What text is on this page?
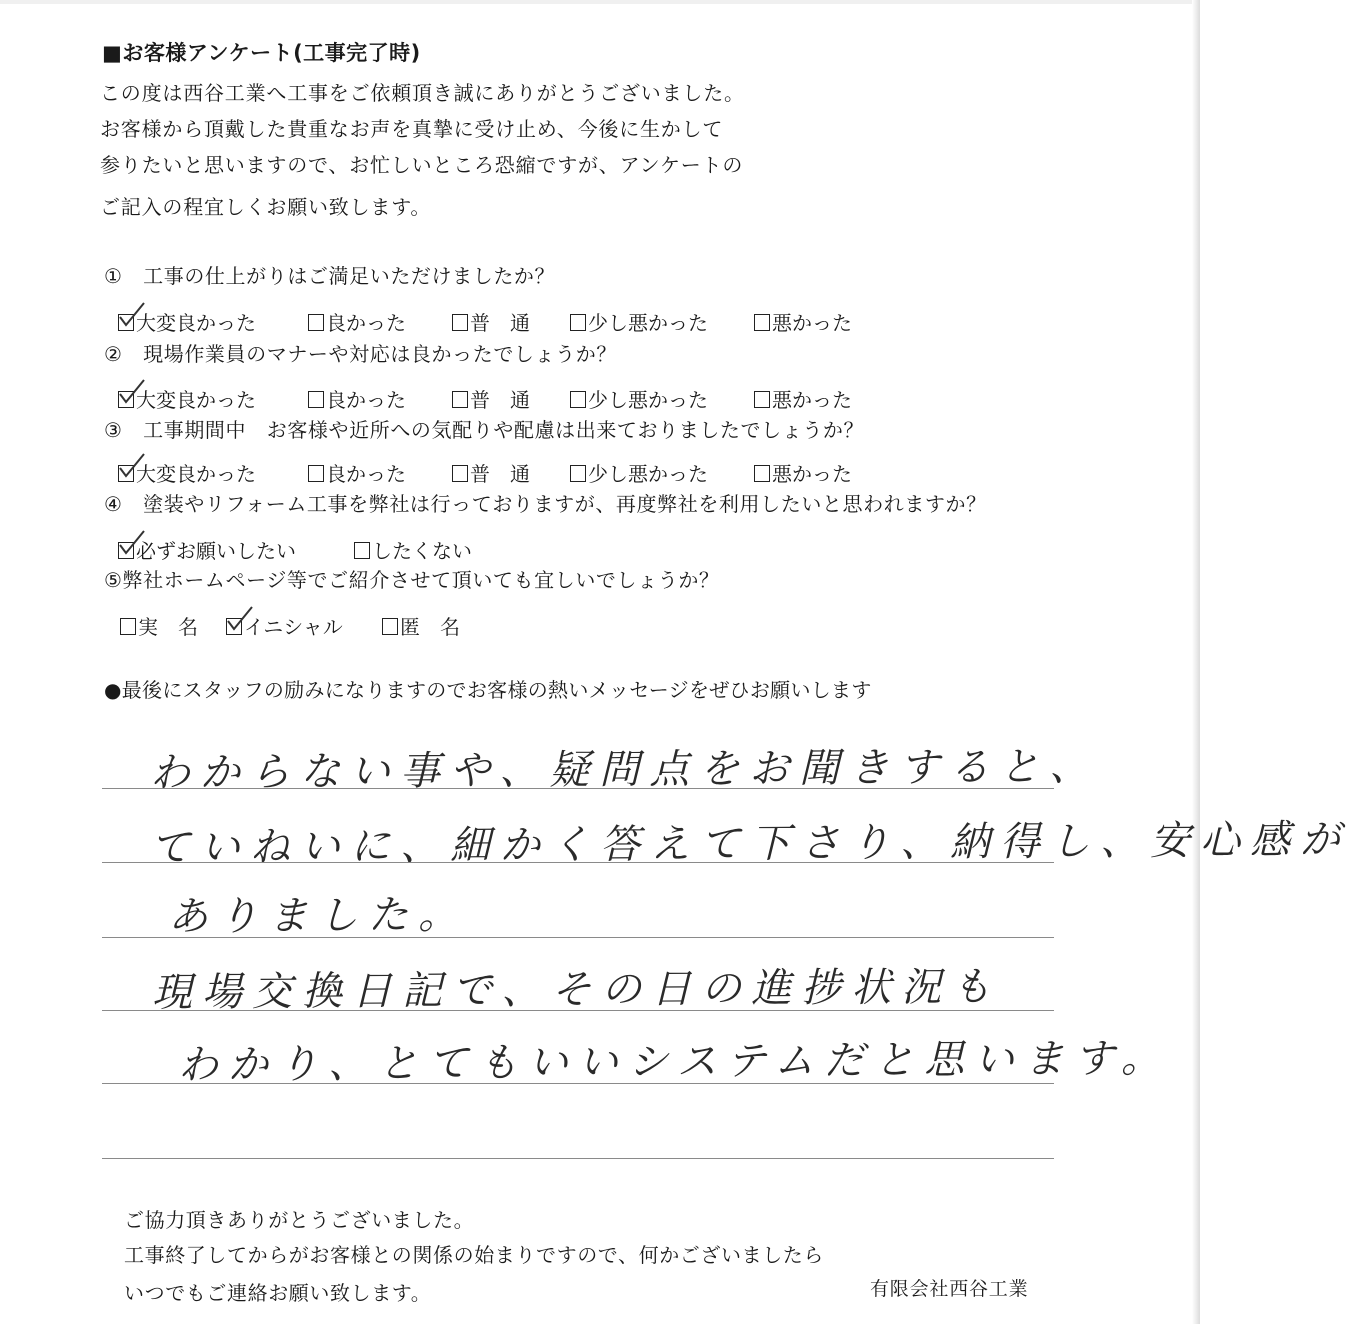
■お客様アンケート(工事完了時)
この度は西谷工業へ工事をご依頼頂き誠にありがとうございました。
お客様から頂戴した貴重なお声を真摯に受け止め、今後に生かして
参りたいと思いますので、お忙しいところ恐縮ですが、アンケートの
ご記入の程宜しくお願い致します。
①　工事の仕上がりはご満足いただけましたか？
大変良かった	良かった	普　通	少し悪かった	悪かった
②　現場作業員のマナーや対応は良かったでしょうか？
大変良かった	良かった	普　通	少し悪かった	悪かった
③　工事期間中　お客様や近所への気配りや配慮は出来ておりましたでしょうか？
大変良かった	良かった	普　通	少し悪かった	悪かった
④　塗装やリフォーム工事を弊社は行っておりますが、再度弊社を利用したいと思われますか？
必ずお願いしたい	したくない
⑤弊社ホームページ等でご紹介させて頂いても宜しいでしょうか？
実　名	イニシャル	匿　名
●最後にスタッフの励みになりますのでお客様の熱いメッセージをぜひお願いします
わからない事や、疑問点をお聞きすると、
ていねいに、細かく答えて下さり、納得し、安心感が
ありました。
現場交換日記で、その日の進捗状況も
わかり、とてもいいシステムだと思います。
ご協力頂きありがとうございました。
工事終了してからがお客様との関係の始まりですので、何かございましたら
いつでもご連絡お願い致します。	有限会社西谷工業
